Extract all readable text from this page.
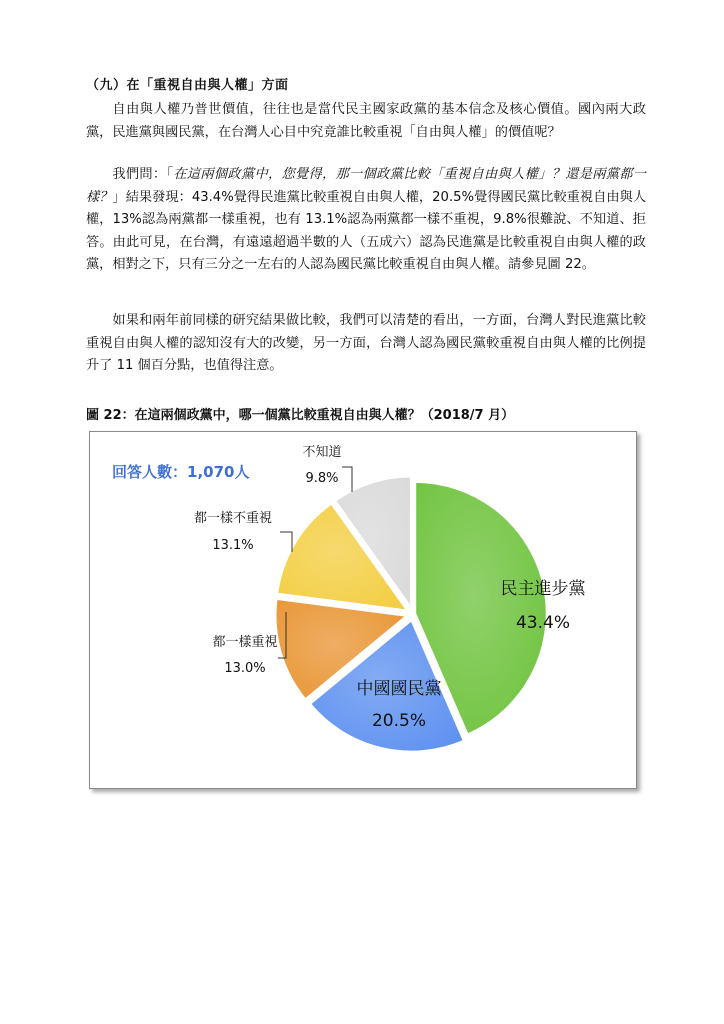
（九）在「重視自由與人權」方面
自由與人權乃普世價值，往往也是當代民主國家政黨的基本信念及核心價值。國內兩大政黨，民進黨與國民黨，在台灣人心目中究竟誰比較重視「自由與人權」的價值呢？
我們問：「在這兩個政黨中，您覺得，那一個政黨比較「重視自由與人權」？還是兩黨都一樣？」結果發現：43.4%覺得民進黨比較重視自由與人權，20.5%覺得國民黨比較重視自由與人權，13%認為兩黨都一樣重視，也有 13.1%認為兩黨都一樣不重視，9.8%很難說、不知道、拒答。由此可見，在台灣，有遠遠超過半數的人（五成六）認為民進黨是比較重視自由與人權的政黨，相對之下，只有三分之一左右的人認為國民黨比較重視自由與人權。請參見圖 22。
如果和兩年前同樣的研究結果做比較，我們可以清楚的看出，一方面，台灣人對民進黨比較重視自由與人權的認知沒有大的改變，另一方面，台灣人認為國民黨較重視自由與人權的比例提升了 11 個百分點，也值得注意。
圖 22：在這兩個政黨中，哪一個黨比較重視自由與人權？（2018/7 月）
回答人數：1,070人
民主進步黨
43.4%
中國國民黨
20.5%
都一樣重視
13.0%
都一樣不重視
13.1%
不知道
9.8%
